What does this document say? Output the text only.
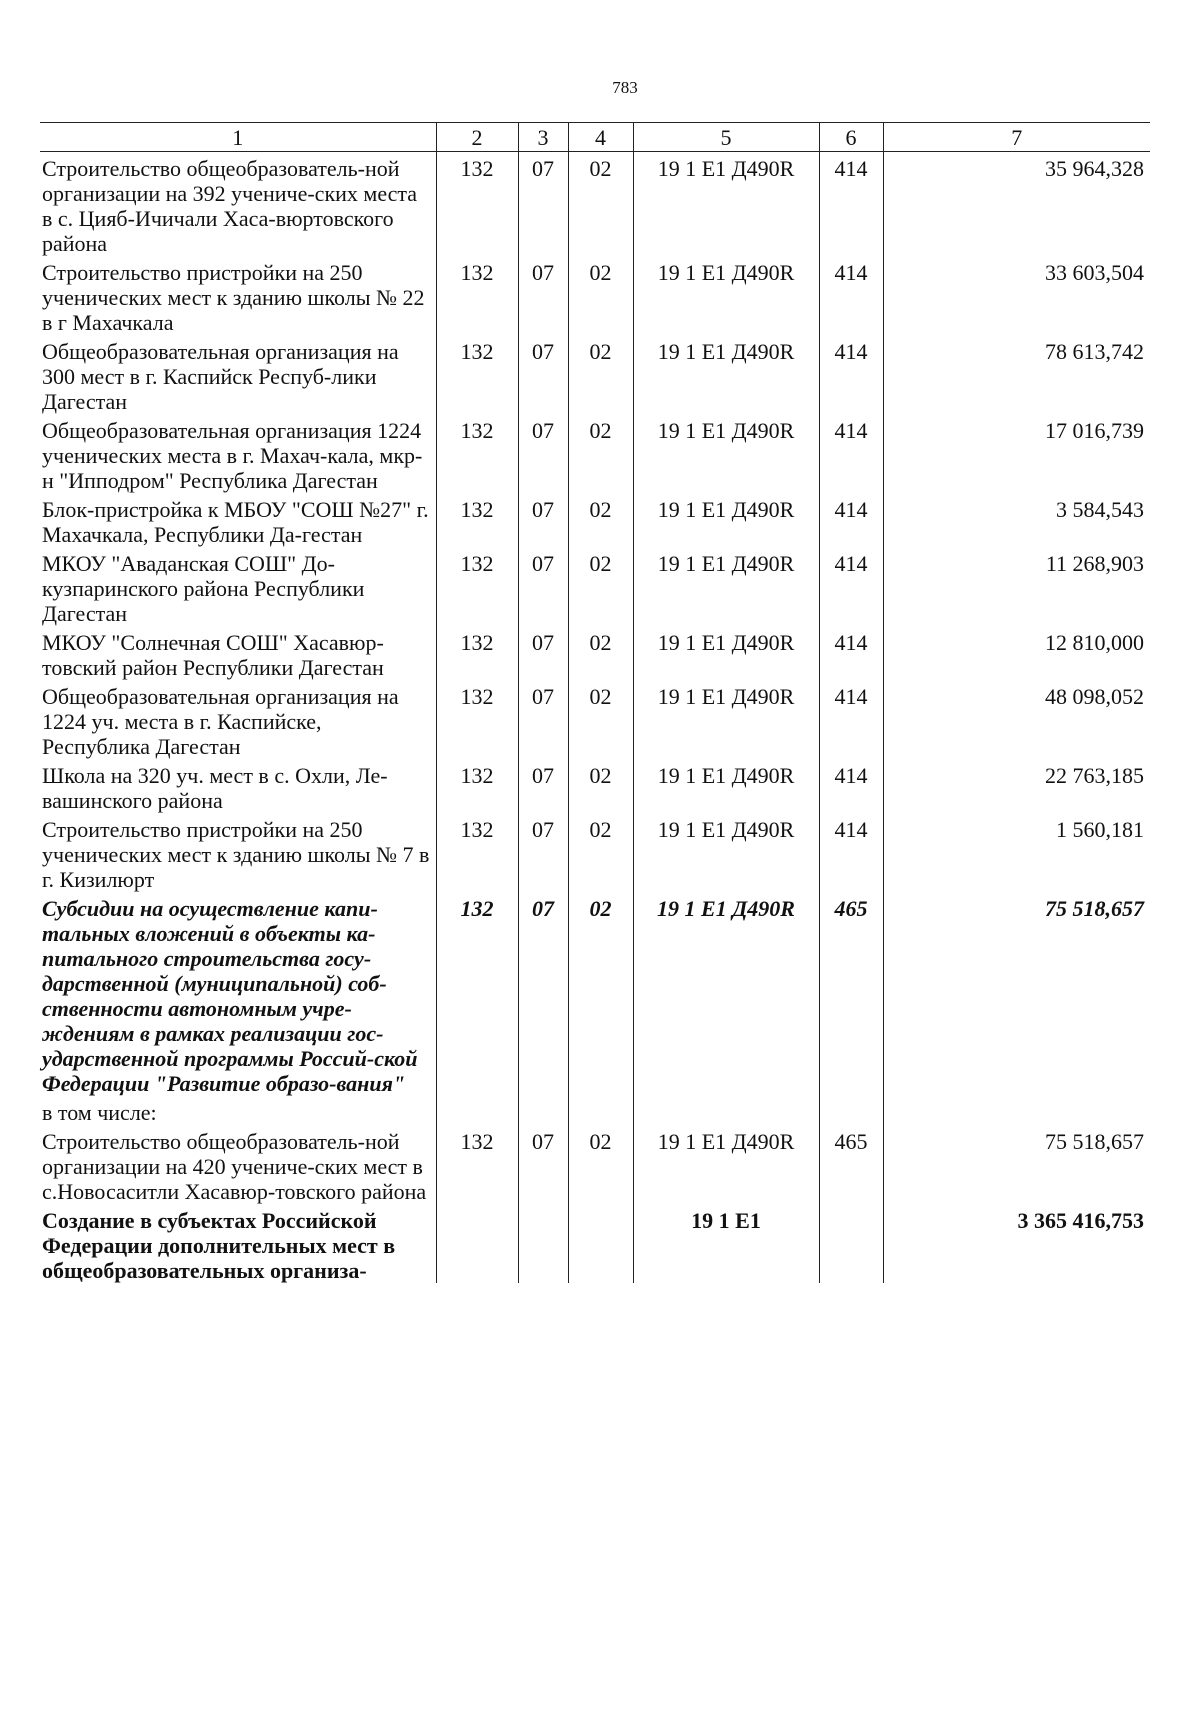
783
1	2	3	4	5	6	7
Строительство общеобразователь-ной организации на 392 учениче-ских места в с. Цияб-Ичичали Хаса-вюртовского района	132	07	02	19 1 E1 Д490R	414	35 964,328
Строительство пристройки на 250 ученических мест к зданию школы № 22 в г Махачкала	132	07	02	19 1 E1 Д490R	414	33 603,504
Общеобразовательная организация на 300 мест в г. Каспийск Респуб-лики Дагестан	132	07	02	19 1 E1 Д490R	414	78 613,742
Общеобразовательная организация 1224 ученических места в г. Махач-кала, мкр-н "Ипподром" Республика Дагестан	132	07	02	19 1 E1 Д490R	414	17 016,739
Блок-пристройка к МБОУ "СОШ №27" г. Махачкала, Республики Да-гестан	132	07	02	19 1 E1 Д490R	414	3 584,543
МКОУ "Аваданская СОШ" До-кузпаринского района Республики Дагестан	132	07	02	19 1 E1 Д490R	414	11 268,903
МКОУ "Солнечная СОШ" Хасавюр-товский район Республики Дагестан	132	07	02	19 1 E1 Д490R	414	12 810,000
Общеобразовательная организация на 1224 уч. места в г. Каспийске, Республика Дагестан	132	07	02	19 1 E1 Д490R	414	48 098,052
Школа на 320 уч. мест в с. Охли, Ле-вашинского района	132	07	02	19 1 E1 Д490R	414	22 763,185
Строительство пристройки на 250 ученических мест к зданию школы № 7 в г. Кизилюрт	132	07	02	19 1 E1 Д490R	414	1 560,181
Субсидии на осуществление капи-тальных вложений в объекты ка-питального строительства госу-дарственной (муниципальной) соб-ственности автономным учре-ждениям в рамках реализации гос-ударственной программы Россий-ской Федерации "Развитие образо-вания"	132	07	02	19 1 E1 Д490R	465	75 518,657
в том числе:						
Строительство общеобразователь-ной организации на 420 учениче-ских мест в с.Новосаситли Хасавюр-товского района	132	07	02	19 1 E1 Д490R	465	75 518,657
Создание в субъектах Российской Федерации дополнительных мест в общеобразовательных организа-				19 1 E1		3 365 416,753
